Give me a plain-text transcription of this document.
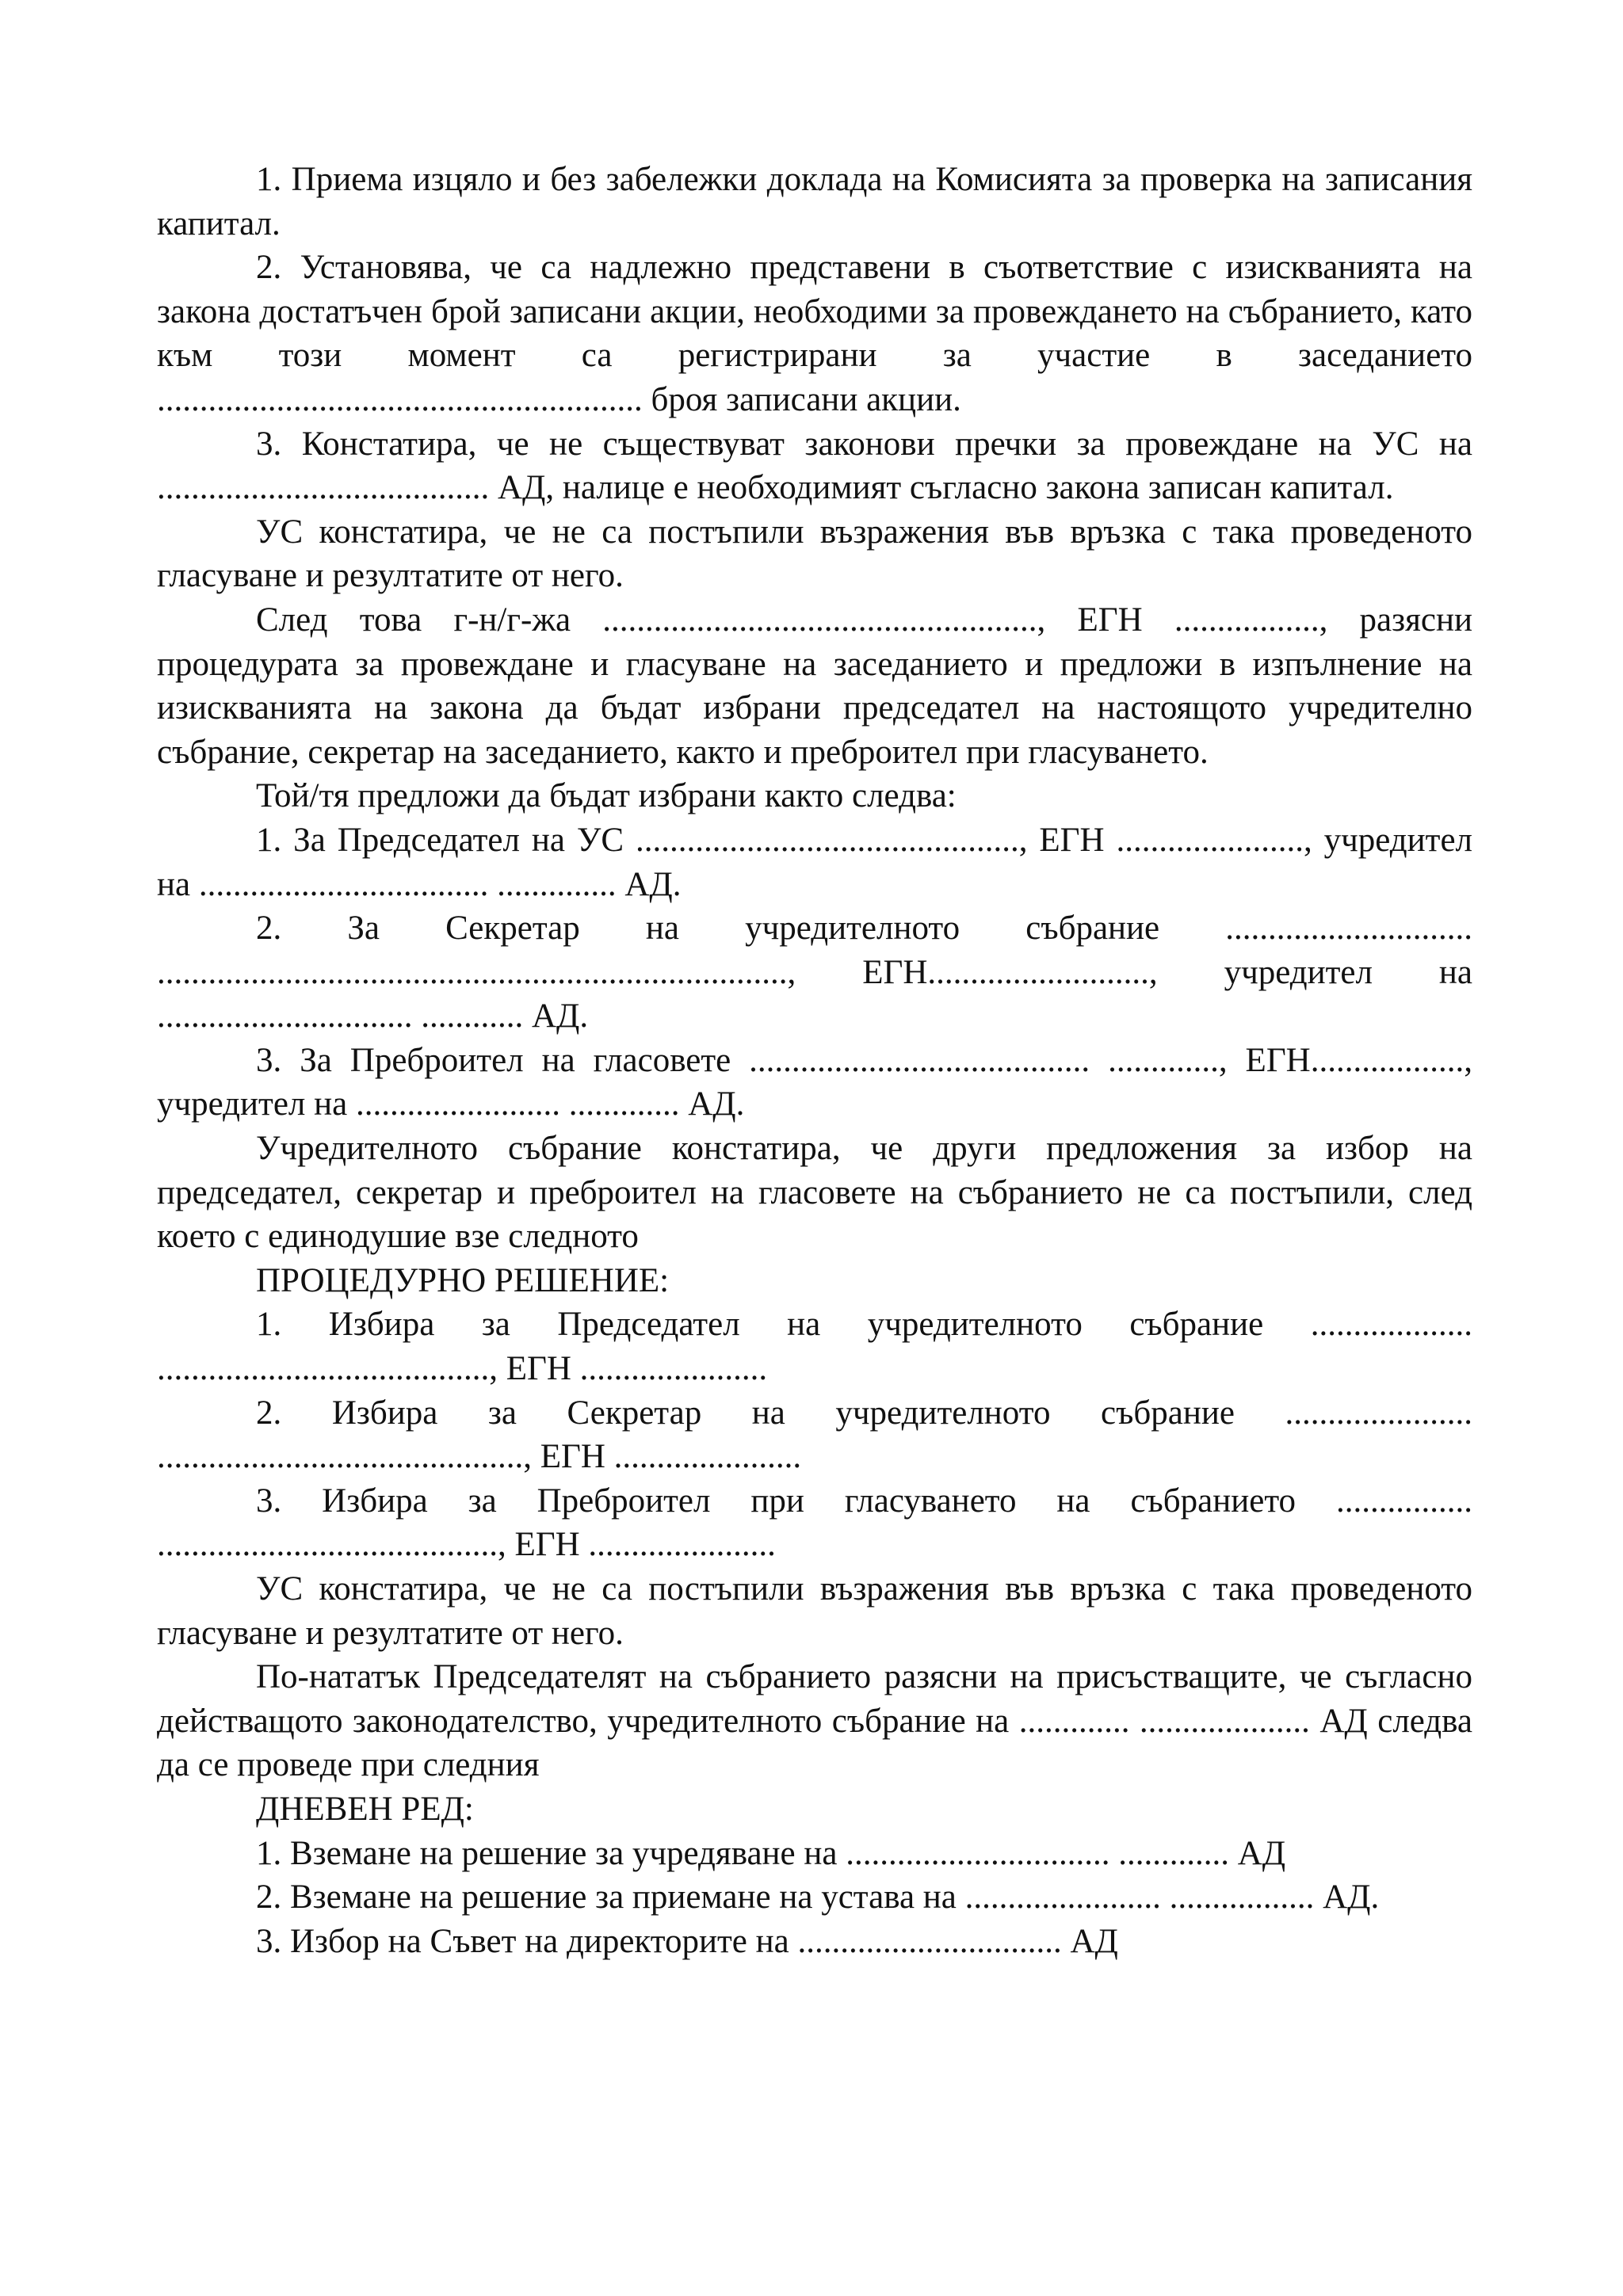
1. Приема изцяло и без забележки доклада на Комисията за проверка на записания капитал.

2. Установява, че са надлежно представени в съответствие с изискванията на закона достатъчен брой записани акции, необходими за провеждането на събранието, като към този момент са регистрирани за участие в заседанието ......................................................... броя записани акции.

3. Констатира, че не съществуват законови пречки за провеждане на УС на ....................................... АД, налице е необходимият съгласно закона записан капитал.

УС констатира, че не са постъпили възражения във връзка с така проведеното гласуване и резултатите от него.

След това г-н/г-жа ..................................................., ЕГН ................., разясни процедурата за провеждане и гласуване на заседанието и предложи в изпълнение на изискванията на закона да бъдат избрани председател на настоящото учредително събрание, секретар на заседанието, както и преброител при гласуването.

Той/тя предложи да бъдат избрани както следва:

1. За Председател на УС ............................................., ЕГН ......................, учредител на .................................. .............. АД.

2. За Секретар на учредителното събрание ............................. .........................................................................., ЕГН.........................., учредител на .............................. ............ АД.

3. За Преброител на гласовете ........................................ ............., ЕГН.................., учредител на ........................ ............. АД.

Учредителното събрание констатира, че други предложения за избор на председател, секретар и преброител на гласовете на събранието не са постъпили, след което с единодушие взе следното

ПРОЦЕДУРНО РЕШЕНИЕ:

1. Избира за Председател на учредителното събрание ................... ......................................., ЕГН ......................

2. Избира за Секретар на учредителното събрание ...................... ..........................................., ЕГН ......................

3. Избира за Преброител при гласуването на събранието ................ ........................................, ЕГН ......................

УС констатира, че не са постъпили възражения във връзка с така проведеното гласуване и резултатите от него.

По-нататък Председателят на събранието разясни на присъстващите, че съгласно действащото законодателство, учредителното събрание на ............. .................... АД следва да се проведе при следния

ДНЕВЕН РЕД:

1. Вземане на решение за учредяване на ............................... ............. АД

2. Вземане на решение за приемане на устава на ....................... ................. АД.

3. Избор на Съвет на директорите на ............................... АД
